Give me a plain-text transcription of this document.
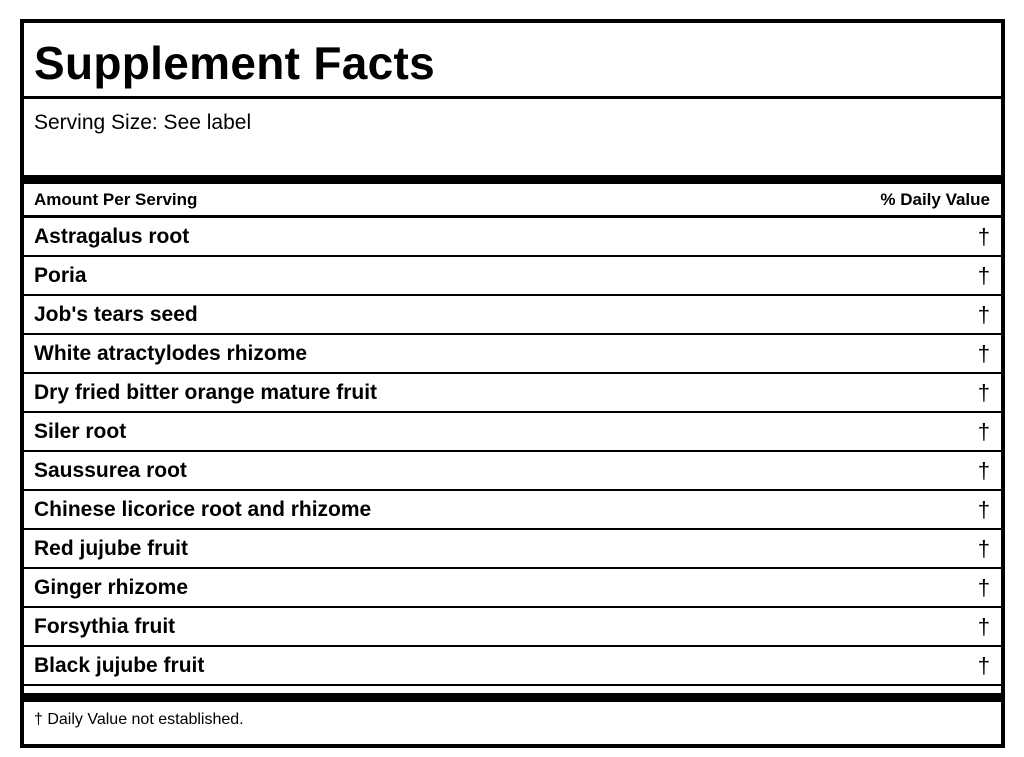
Supplement Facts
Serving Size: See label
Amount Per Serving	% Daily Value
Astragalus root	†
Poria	†
Job's tears seed	†
White atractylodes rhizome	†
Dry fried bitter orange mature fruit	†
Siler root	†
Saussurea root	†
Chinese licorice root and rhizome	†
Red jujube fruit	†
Ginger rhizome	†
Forsythia fruit	†
Black jujube fruit	†
† Daily Value not established.
